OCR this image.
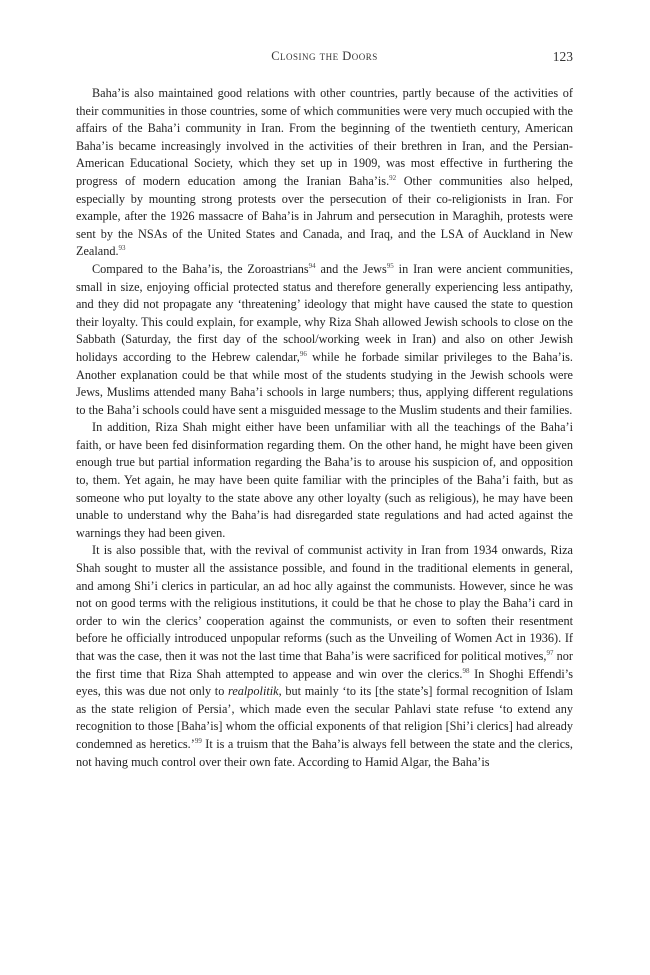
Closing the Doors	123

Baha’is also maintained good relations with other countries, partly because of the activities of their communities in those countries, some of which communities were very much occupied with the affairs of the Baha’i community in Iran. From the beginning of the twentieth century, American Baha’is became increasingly involved in the activities of their brethren in Iran, and the Persian-American Educational Society, which they set up in 1909, was most effective in furthering the progress of modern education among the Iranian Baha’is.$^{92}$ Other communities also helped, especially by mounting strong protests over the persecution of their co-religionists in Iran. For example, after the 1926 massacre of Baha’is in Jahrum and persecution in Maraghih, protests were sent by the NSAs of the United States and Canada, and Iraq, and the LSA of Auckland in New Zealand.$^{93}$

Compared to the Baha’is, the Zoroastrians$^{94}$ and the Jews$^{95}$ in Iran were ancient communities, small in size, enjoying official protected status and therefore generally experiencing less antipathy, and they did not propagate any ‘threatening’ ideology that might have caused the state to question their loyalty. This could explain, for example, why Riza Shah allowed Jewish schools to close on the Sabbath (Saturday, the first day of the school/working week in Iran) and also on other Jewish holidays according to the Hebrew calendar,$^{96}$ while he forbade similar privileges to the Baha’is. Another explanation could be that while most of the students studying in the Jewish schools were Jews, Muslims attended many Baha’i schools in large numbers; thus, applying different regulations to the Baha’i schools could have sent a misguided message to the Muslim students and their families.

In addition, Riza Shah might either have been unfamiliar with all the teachings of the Baha’i faith, or have been fed disinformation regarding them. On the other hand, he might have been given enough true but partial information regarding the Baha’is to arouse his suspicion of, and opposition to, them. Yet again, he may have been quite familiar with the principles of the Baha’i faith, but as someone who put loyalty to the state above any other loyalty (such as religious), he may have been unable to understand why the Baha’is had disregarded state regulations and had acted against the warnings they had been given.

It is also possible that, with the revival of communist activity in Iran from 1934 onwards, Riza Shah sought to muster all the assistance possible, and found in the traditional elements in general, and among Shi’i clerics in particular, an ad hoc ally against the communists. However, since he was not on good terms with the religious institutions, it could be that he chose to play the Baha’i card in order to win the clerics’ cooperation against the communists, or even to soften their resentment before he officially introduced unpopular reforms (such as the Unveiling of Women Act in 1936). If that was the case, then it was not the last time that Baha’is were sacrificed for political motives,$^{97}$ nor the first time that Riza Shah attempted to appease and win over the clerics.$^{98}$ In Shoghi Effendi’s eyes, this was due not only to realpolitik, but mainly ‘to its [the state’s] formal recognition of Islam as the state religion of Persia’, which made even the secular Pahlavi state refuse ‘to extend any recognition to those [Baha’is] whom the official exponents of that religion [Shi’i clerics] had already condemned as heretics.’$^{99}$ It is a truism that the Baha’is always fell between the state and the clerics, not having much control over their own fate. According to Hamid Algar, the Baha’is
